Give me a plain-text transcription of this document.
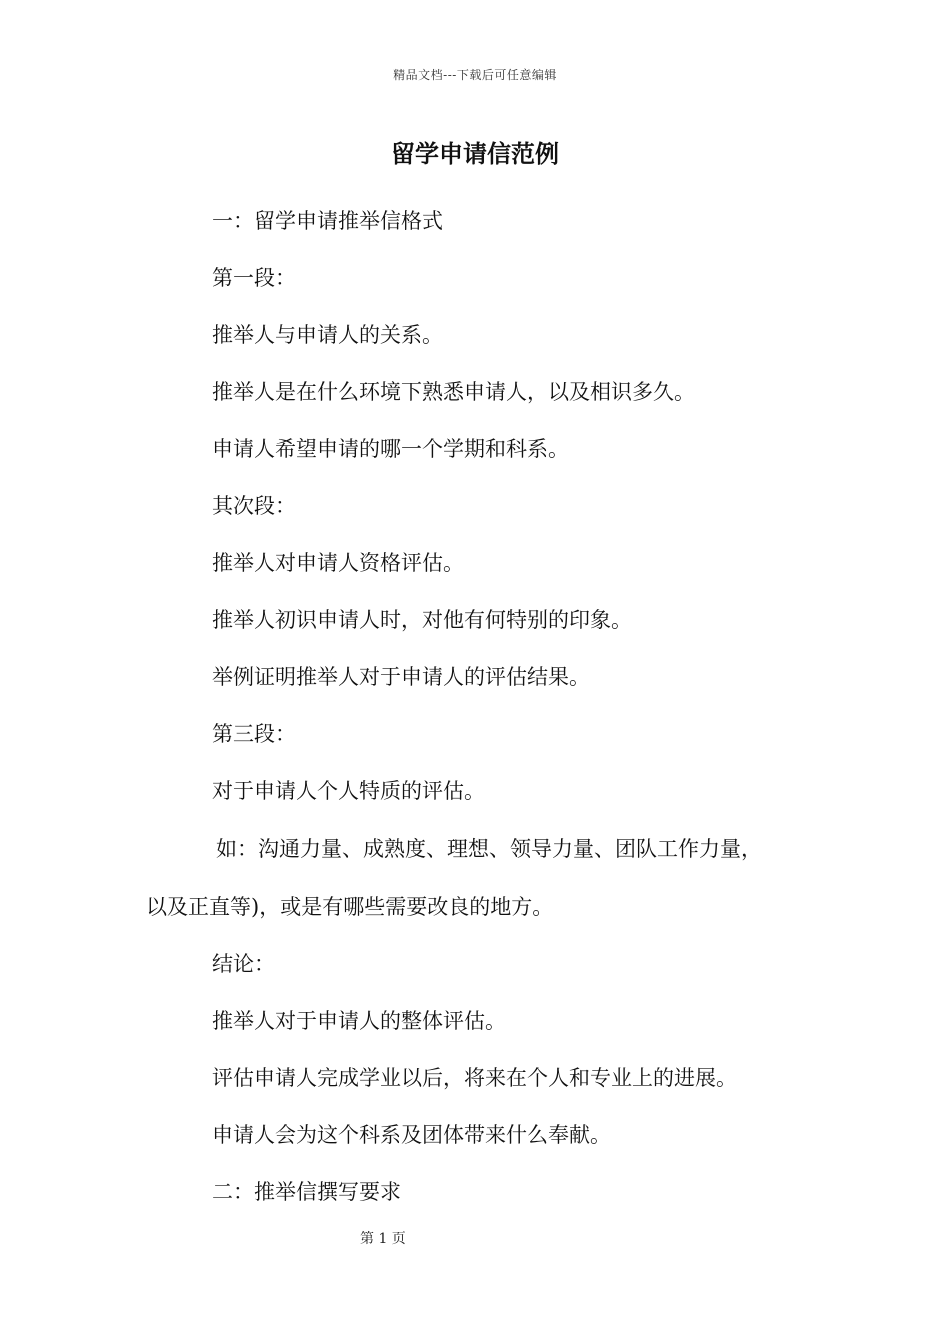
精品文档---下载后可任意编辑
留学申请信范例
一：留学申请推举信格式
第一段：
推举人与申请人的关系。
推举人是在什么环境下熟悉申请人，以及相识多久。
申请人希望申请的哪一个学期和科系。
其次段：
推举人对申请人资格评估。
推举人初识申请人时，对他有何特别的印象。
举例证明推举人对于申请人的评估结果。
第三段：
对于申请人个人特质的评估。
如：沟通力量、成熟度、理想、领导力量、团队工作力量，
以及正直等)，或是有哪些需要改良的地方。
结论：
推举人对于申请人的整体评估。
评估申请人完成学业以后，将来在个人和专业上的进展。
申请人会为这个科系及团体带来什么奉献。
二：推举信撰写要求
第 1 页
